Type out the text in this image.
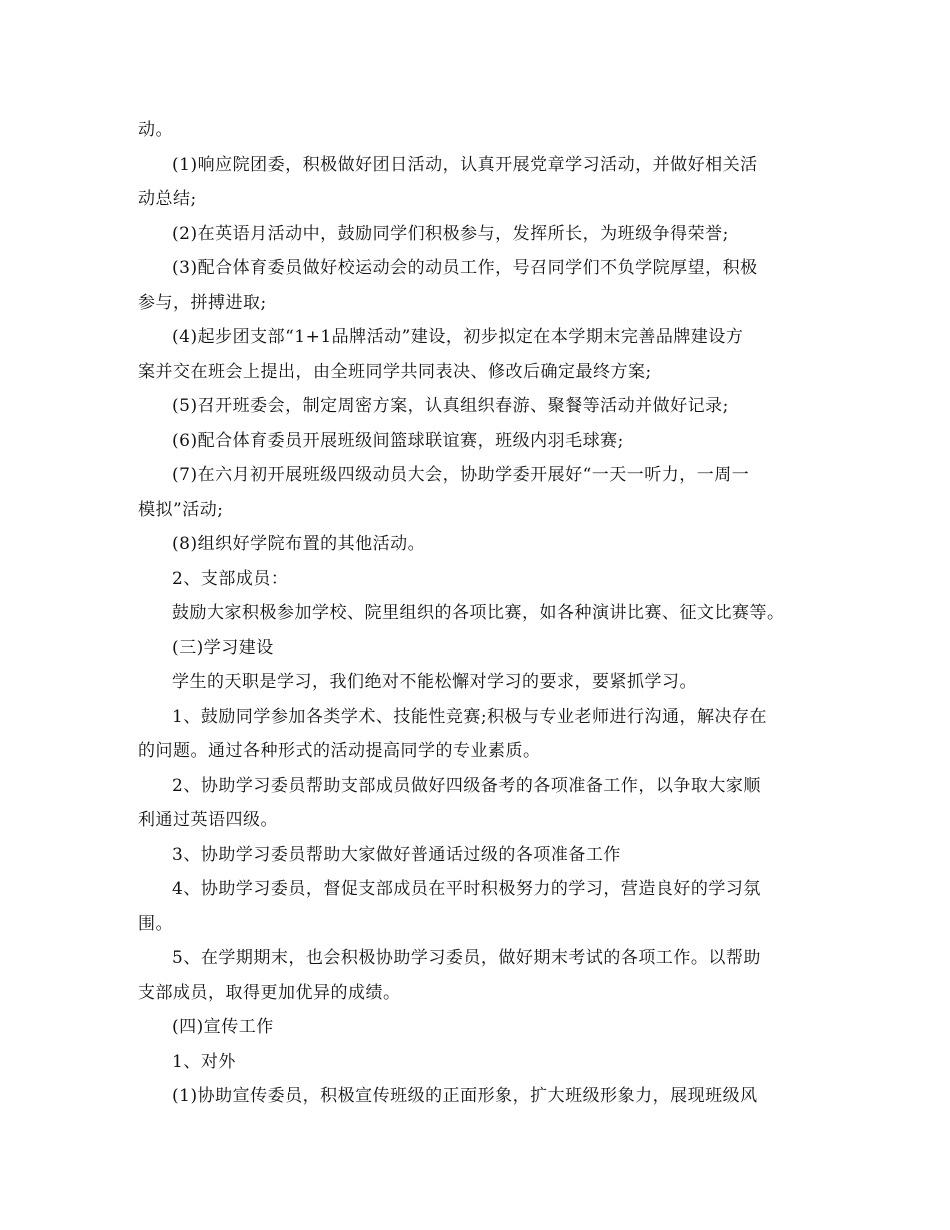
动。

(1)响应院团委，积极做好团日活动，认真开展党章学习活动，并做好相关活

动总结;

(2)在英语月活动中，鼓励同学们积极参与，发挥所长，为班级争得荣誉;

(3)配合体育委员做好校运动会的动员工作，号召同学们不负学院厚望，积极

参与，拼搏进取;

(4)起步团支部“1+1品牌活动”建设，初步拟定在本学期末完善品牌建设方

案并交在班会上提出，由全班同学共同表决、修改后确定最终方案;

(5)召开班委会，制定周密方案，认真组织春游、聚餐等活动并做好记录;

(6)配合体育委员开展班级间篮球联谊赛，班级内羽毛球赛;

(7)在六月初开展班级四级动员大会，协助学委开展好“一天一听力，一周一

模拟”活动;

(8)组织好学院布置的其他活动。

2、支部成员：

鼓励大家积极参加学校、院里组织的各项比赛，如各种演讲比赛、征文比赛等。

(三)学习建设

学生的天职是学习，我们绝对不能松懈对学习的要求，要紧抓学习。

1、鼓励同学参加各类学术、技能性竞赛;积极与专业老师进行沟通，解决存在

的问题。通过各种形式的活动提高同学的专业素质。

2、协助学习委员帮助支部成员做好四级备考的各项准备工作，以争取大家顺

利通过英语四级。

3、协助学习委员帮助大家做好普通话过级的各项准备工作

4、协助学习委员，督促支部成员在平时积极努力的学习，营造良好的学习氛

围。

5、在学期期末，也会积极协助学习委员，做好期末考试的各项工作。以帮助

支部成员，取得更加优异的成绩。

(四)宣传工作

1、对外

(1)协助宣传委员，积极宣传班级的正面形象，扩大班级形象力，展现班级风
